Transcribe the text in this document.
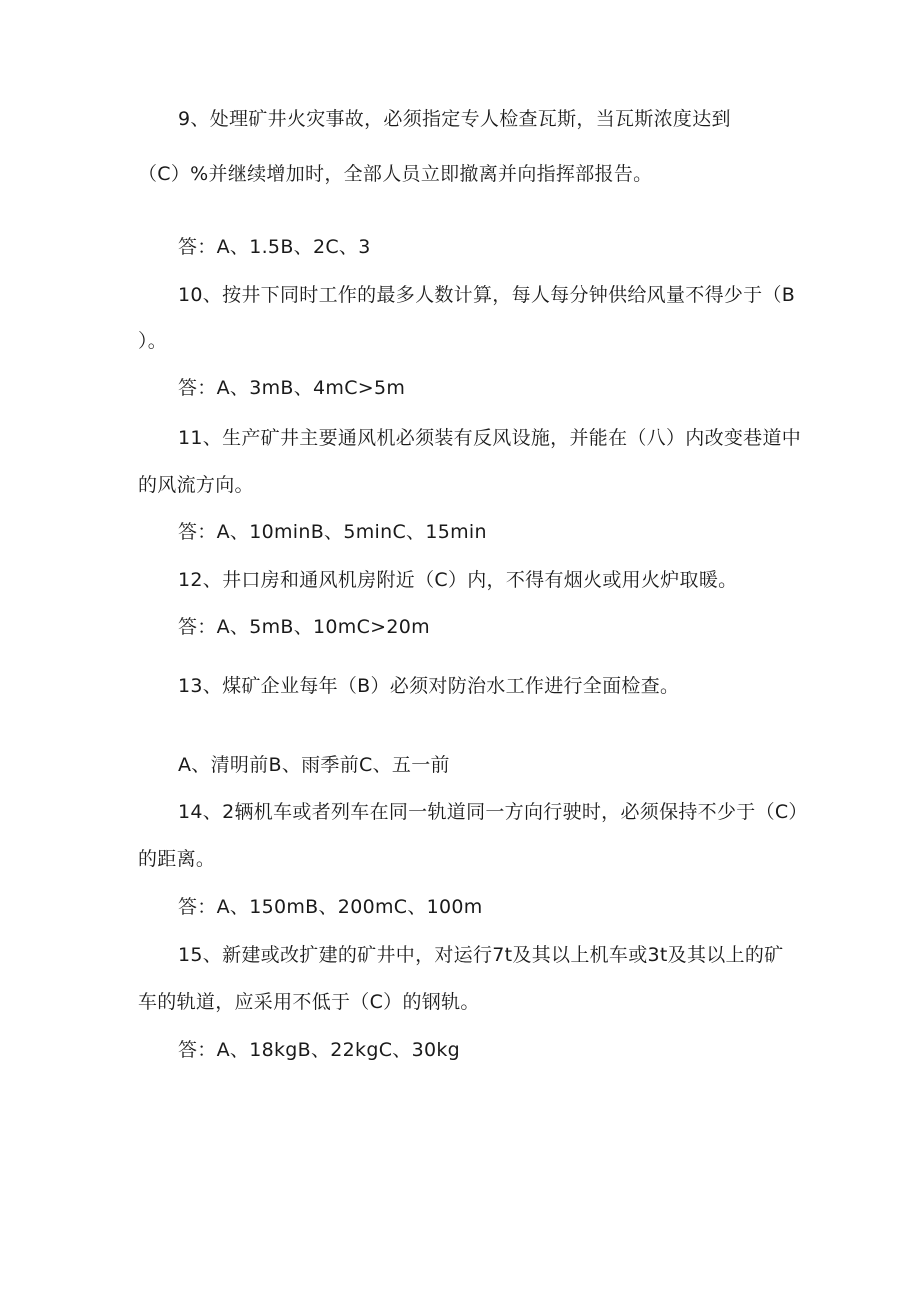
9、处理矿井火灾事故，必须指定专人检查瓦斯，当瓦斯浓度达到
（C）%并继续增加时，全部人员立即撤离并向指挥部报告。
答：A、1.5B、2C、3
10、按井下同时工作的最多人数计算，每人每分钟供给风量不得少于（B
）。
答：A、3mB、4mC>5m
11、生产矿井主要通风机必须装有反风设施，并能在（八）内改变巷道中
的风流方向。
答：A、10minB、5minC、15min
12、井口房和通风机房附近（C）内，不得有烟火或用火炉取暖。
答：A、5mB、10mC>20m
13、煤矿企业每年（B）必须对防治水工作进行全面检查。
A、清明前B、雨季前C、五一前
14、2辆机车或者列车在同一轨道同一方向行驶时，必须保持不少于（C）
的距离。
答：A、150mB、200mC、100m
15、新建或改扩建的矿井中，对运行7t及其以上机车或3t及其以上的矿
车的轨道，应采用不低于（C）的钢轨。
答：A、18kgB、22kgC、30kg
